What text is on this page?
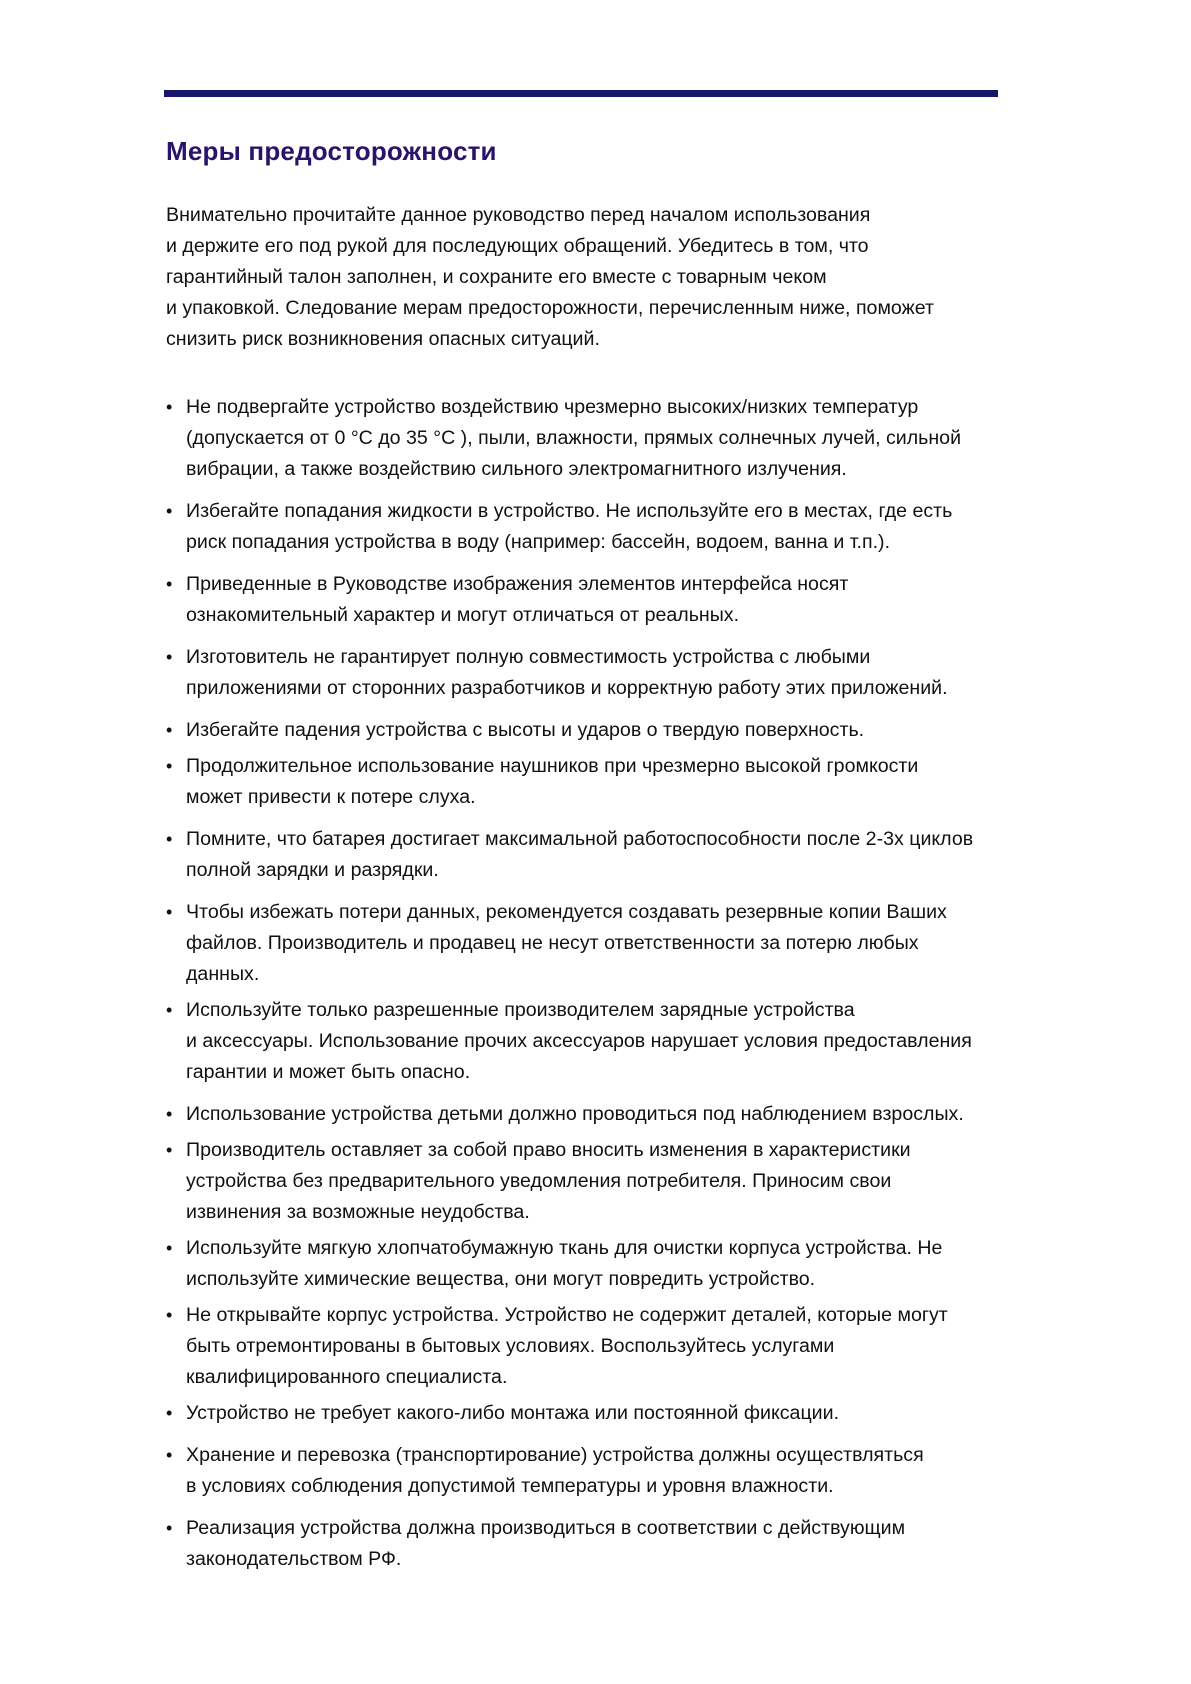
Меры предосторожности

Внимательно прочитайте данное руководство перед началом использования
и держите его под рукой для последующих обращений. Убедитесь в том, что
гарантийный талон заполнен, и сохраните его вместе с товарным чеком
и упаковкой. Следование мерам предосторожности, перечисленным ниже, поможет
снизить риск возникновения опасных ситуаций.

• Не подвергайте устройство воздействию чрезмерно высоких/низких температур
(допускается от 0 °С до 35 °С ), пыли, влажности, прямых солнечных лучей, сильной
вибрации, а также воздействию сильного электромагнитного излучения.
• Избегайте попадания жидкости в устройство. Не используйте его в местах, где есть
риск попадания устройства в воду (например: бассейн, водоем, ванна и т.п.).
• Приведенные в Руководстве изображения элементов интерфейса носят
ознакомительный характер и могут отличаться от реальных.
• Изготовитель не гарантирует полную совместимость устройства с любыми
приложениями от сторонних разработчиков и корректную работу этих приложений.
• Избегайте падения устройства с высоты и ударов о твердую поверхность.
• Продолжительное использование наушников при чрезмерно высокой громкости
может привести к потере слуха.
• Помните, что батарея достигает максимальной работоспособности после 2-3х циклов
полной зарядки и разрядки.
• Чтобы избежать потери данных, рекомендуется создавать резервные копии Ваших
файлов. Производитель и продавец не несут ответственности за потерю любых
данных.
• Используйте только разрешенные производителем зарядные устройства
и аксессуары. Использование прочих аксессуаров нарушает условия предоставления
гарантии и может быть опасно.
• Использование устройства детьми должно проводиться под наблюдением взрослых.
• Производитель оставляет за собой право вносить изменения в характеристики
устройства без предварительного уведомления потребителя. Приносим свои
извинения за возможные неудобства.
• Используйте мягкую хлопчатобумажную ткань для очистки корпуса устройства. Не
используйте химические вещества, они могут повредить устройство.
• Не открывайте корпус устройства. Устройство не содержит деталей, которые могут
быть отремонтированы в бытовых условиях. Воспользуйтесь услугами
квалифицированного специалиста.
• Устройство не требует какого-либо монтажа или постоянной фиксации.
• Хранение и перевозка (транспортирование) устройства должны осуществляться
в условиях соблюдения допустимой температуры и уровня влажности.
• Реализация устройства должна производиться в соответствии с действующим
законодательством РФ.
